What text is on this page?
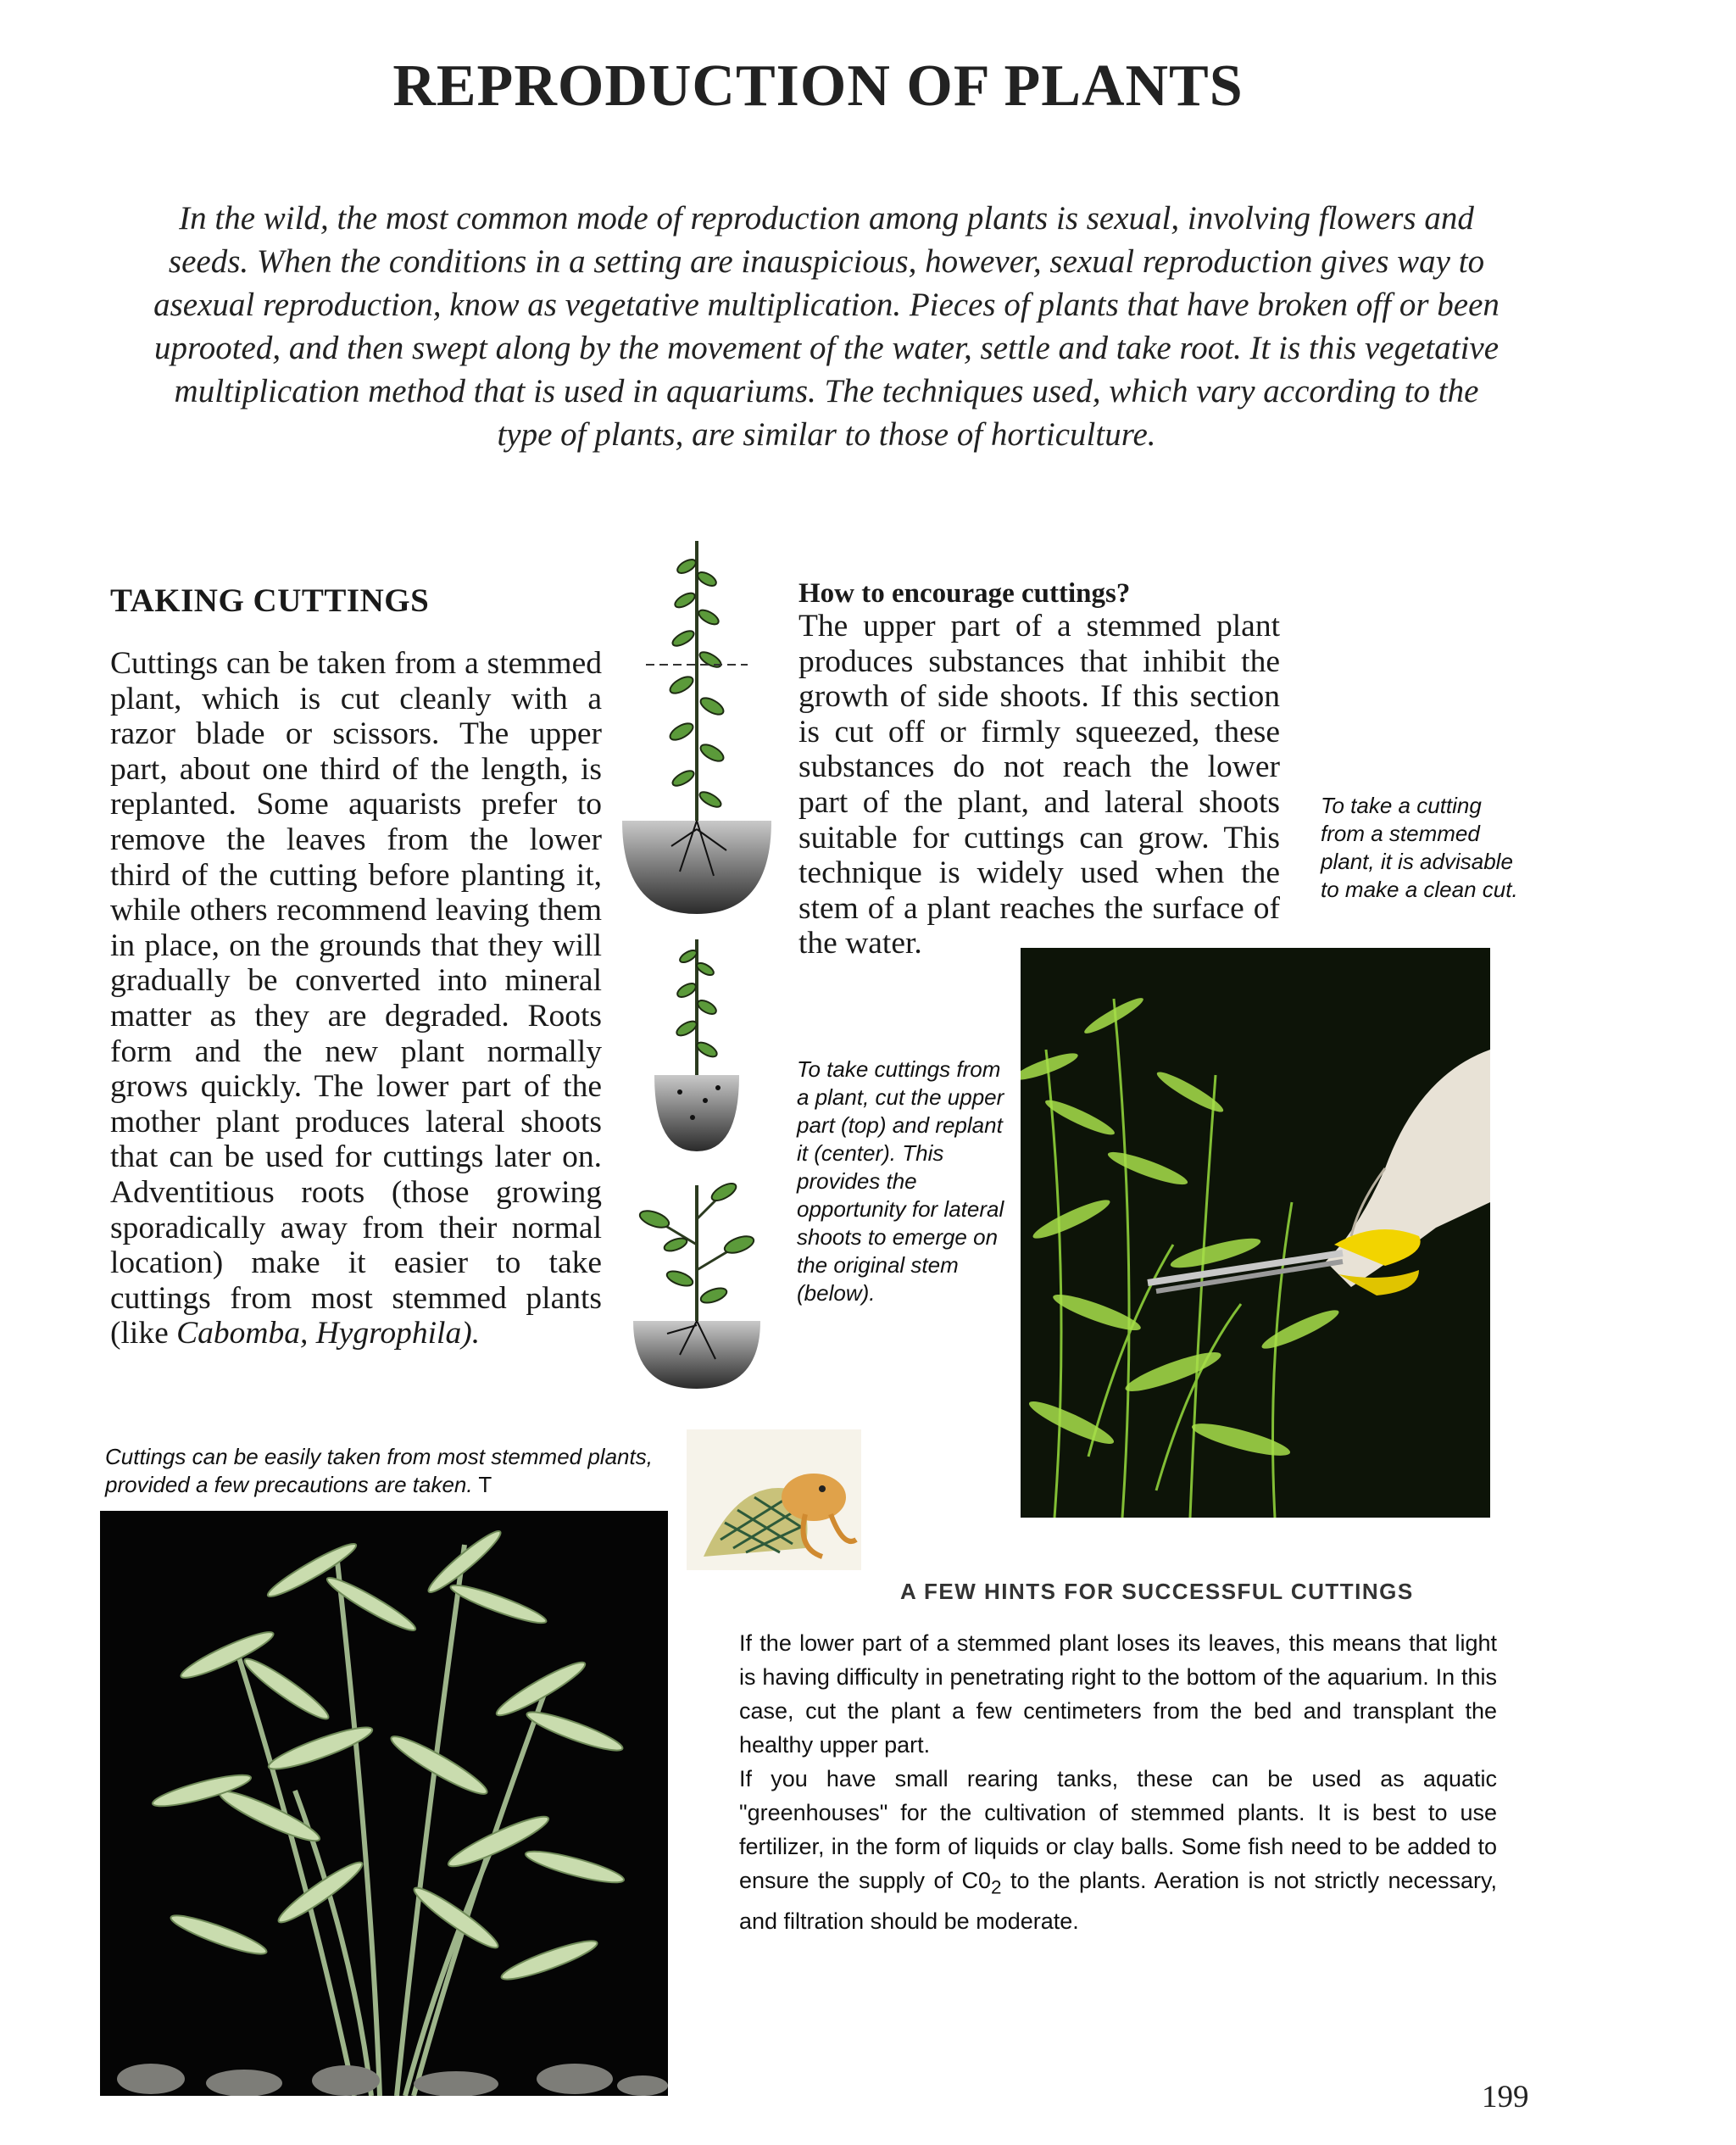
REPRODUCTION OF PLANTS
In the wild, the most common mode of reproduction among plants is sexual, involving flowers and seeds. When the conditions in a setting are inauspicious, however, sexual reproduction gives way to asexual reproduction, know as vegetative multiplication. Pieces of plants that have broken off or been uprooted, and then swept along by the movement of the water, settle and take root. It is this vegetative multiplication method that is used in aquariums. The techniques used, which vary according to the type of plants, are similar to those of horticulture.
TAKING CUTTINGS

Cuttings can be taken from a stemmed plant, which is cut cleanly with a razor blade or scissors. The upper part, about one third of the length, is replanted. Some aquarists prefer to remove the leaves from the lower third of the cutting before planting it, while others recommend leaving them in place, on the grounds that they will gradually be converted into mineral matter as they are degraded. Roots form and the new plant normally grows quickly. The lower part of the mother plant produces lateral shoots that can be used for cuttings later on. Adventitious roots (those growing sporadically away from their normal location) make it easier to take cuttings from most stemmed plants (like Cabomba, Hygrophila).

How to encourage cuttings?
The upper part of a stemmed plant produces substances that inhibit the growth of side shoots. If this section is cut off or firmly squeezed, these substances do not reach the lower part of the plant, and lateral shoots suitable for cuttings can grow. This technique is widely used when the stem of a plant reaches the surface of the water.
To take a cutting from a stemmed plant, it is advisable to make a clean cut.
To take cuttings from a plant, cut the upper part (top) and replant it (center). This provides the opportunity for lateral shoots to emerge on the original stem (below).
Cuttings can be easily taken from most stemmed plants, provided a few precautions are taken. T
A FEW HINTS FOR SUCCESSFUL CUTTINGS

If the lower part of a stemmed plant loses its leaves, this means that light is having difficulty in penetrating right to the bottom of the aquarium. In this case, cut the plant a few centimeters from the bed and transplant the healthy upper part.

If you have small rearing tanks, these can be used as aquatic "greenhouses" for the cultivation of stemmed plants. It is best to use fertilizer, in the form of liquids or clay balls. Some fish need to be added to ensure the supply of $C0_2$ to the plants. Aeration is not strictly necessary, and filtration should be moderate.

199
